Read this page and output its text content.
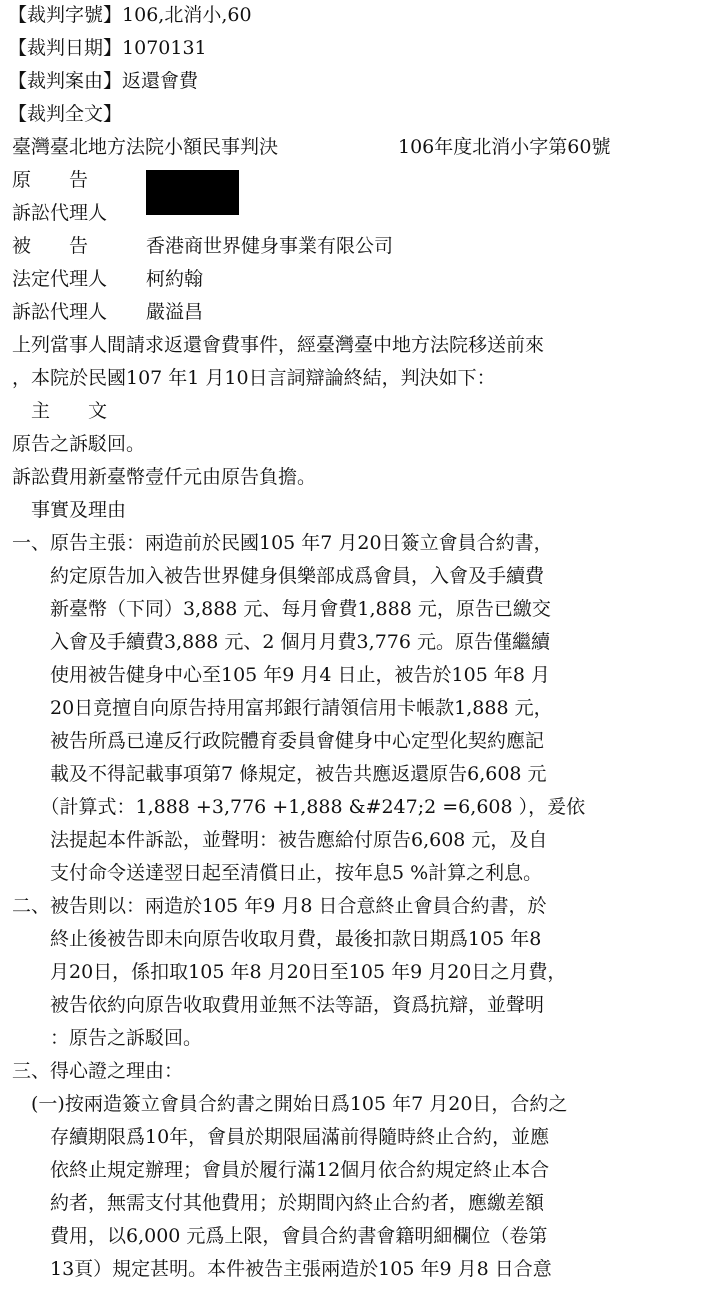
【裁判字號】106,北消小,60
【裁判日期】1070131
【裁判案由】返還會費
【裁判全文】
臺灣臺北地方法院小額民事判決	106年度北消小字第60號
原　　告
訴訟代理人
被　　告	香港商世界健身事業有限公司
法定代理人 柯約翰
訴訟代理人 嚴溢昌
上列當事人間請求返還會費事件，經臺灣臺中地方法院移送前來
，本院於民國107 年1 月10日言詞辯論終結，判決如下：
　主　　文
原告之訴駁回。
訴訟費用新臺幣壹仟元由原告負擔。
　事實及理由
一、原告主張：兩造前於民國105 年7 月20日簽立會員合約書，
　　約定原告加入被告世界健身俱樂部成爲會員，入會及手續費
　　新臺幣（下同）3,888 元、每月會費1,888 元，原告已繳交
　　入會及手續費3,888 元、2 個月月費3,776 元。原告僅繼續
　　使用被告健身中心至105 年9 月4 日止，被告於105 年8 月
　　20日竟擅自向原告持用富邦銀行請領信用卡帳款1,888 元，
　　被告所爲已違反行政院體育委員會健身中心定型化契約應記
　　載及不得記載事項第7 條規定，被告共應返還原告6,608 元
　　（計算式：1,888 +3,776 +1,888 &#247;2 =6,608 ），爰依
　　法提起本件訴訟，並聲明：被告應給付原告6,608 元，及自
　　支付命令送達翌日起至清償日止，按年息5 %計算之利息。
二、被告則以：兩造於105 年9 月8 日合意終止會員合約書，於
　　終止後被告即未向原告收取月費，最後扣款日期爲105 年8
　　月20日，係扣取105 年8 月20日至105 年9 月20日之月費，
　　被告依約向原告收取費用並無不法等語，資爲抗辯，並聲明
　　：原告之訴駁回。
三、得心證之理由：
　(一)按兩造簽立會員合約書之開始日爲105 年7 月20日，合約之
　　存續期限爲10年，會員於期限屆滿前得隨時終止合約，並應
　　依終止規定辦理；會員於履行滿12個月依合約規定終止本合
　　約者，無需支付其他費用；於期間內終止合約者，應繳差額
　　費用，以6,000 元爲上限，會員合約書會籍明細欄位（卷第
　　13頁）規定甚明。本件被告主張兩造於105 年9 月8 日合意
